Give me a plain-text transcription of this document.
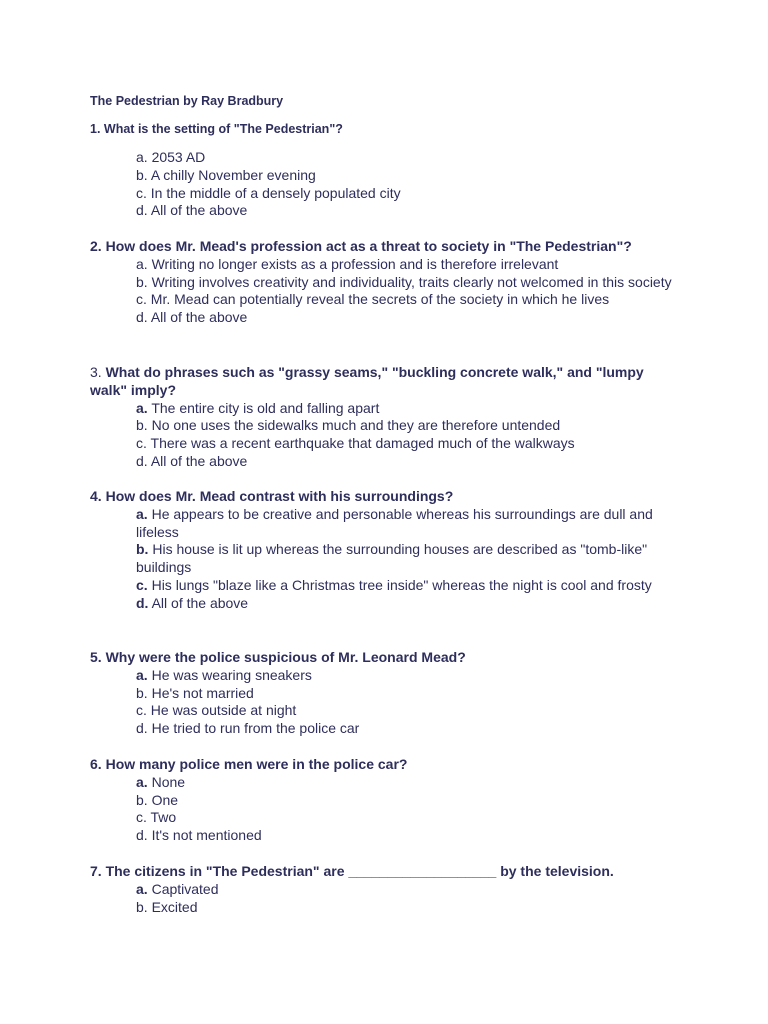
The Pedestrian by Ray Bradbury
1. What is the setting of "The Pedestrian"?
a. 2053 AD
b. A chilly November evening
c. In the middle of a densely populated city
d. All of the above
2. How does Mr. Mead's profession act as a threat to society in "The Pedestrian"?
a. Writing no longer exists as a profession and is therefore irrelevant
b. Writing involves creativity and individuality, traits clearly not welcomed in this society
c. Mr. Mead can potentially reveal the secrets of the society in which he lives
d. All of the above
3. What do phrases such as "grassy seams," "buckling concrete walk," and "lumpy walk" imply?
a. The entire city is old and falling apart
b. No one uses the sidewalks much and they are therefore untended
c. There was a recent earthquake that damaged much of the walkways
d. All of the above
4. How does Mr. Mead contrast with his surroundings?
a. He appears to be creative and personable whereas his surroundings are dull and lifeless
b. His house is lit up whereas the surrounding houses are described as "tomb-like" buildings
c. His lungs "blaze like a Christmas tree inside" whereas the night is cool and frosty
d. All of the above
5. Why were the police suspicious of Mr. Leonard Mead?
a. He was wearing sneakers
b. He's not married
c. He was outside at night
d. He tried to run from the police car
6. How many police men were in the police car?
a. None
b. One
c. Two
d. It's not mentioned
7. The citizens in "The Pedestrian" are ___________________ by the television.
a. Captivated
b. Excited
